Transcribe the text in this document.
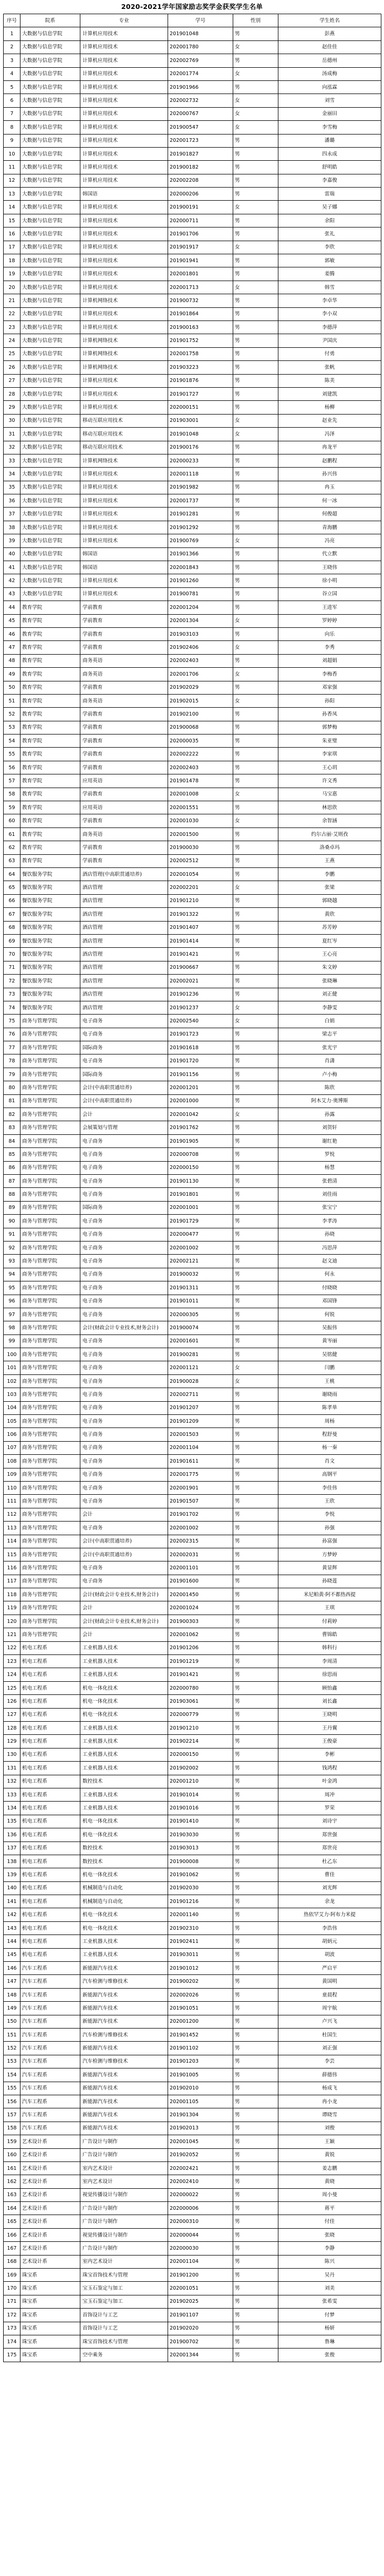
2020-2021学年国家励志奖学金获奖学生名单
序号	院系	专业	学号	性别	学生姓名
1	大数据与信息学院	计算机应用技术	201901048	男	彭燕
2	大数据与信息学院	计算机应用技术	202001780	女	赵佳佳
3	大数据与信息学院	计算机应用技术	202002769	男	岳德州
4	大数据与信息学院	计算机应用技术	202001774	女	汤成梅
5	大数据与信息学院	计算机应用技术	201901966	男	向泓霖
6	大数据与信息学院	计算机应用技术	202002732	女	刘雪
7	大数据与信息学院	计算机应用技术	202000767	女	金丽田
8	大数据与信息学院	计算机应用技术	201900547	女	李雪梅
9	大数据与信息学院	计算机应用技术	202001723	男	潘璐
10	大数据与信息学院	计算机应用技术	201901827	男	四永成
11	大数据与信息学院	计算机应用技术	201900182	男	舒明皓
12	大数据与信息学院	计算机应用技术	202002208	男	李嘉俊
13	大数据与信息学院	韩国语	202000206	男	雷瑞
14	大数据与信息学院	计算机应用技术	201900191	女	吴子娜
15	大数据与信息学院	计算机应用技术	202000711	男	余阳
16	大数据与信息学院	计算机应用技术	201901706	男	张礼
17	大数据与信息学院	计算机应用技术	201901917	女	李欣
18	大数据与信息学院	计算机应用技术	201901941	男	郭敏
19	大数据与信息学院	计算机应用技术	202001801	男	姜腾
20	大数据与信息学院	计算机应用技术	202001713	女	韩雪
21	大数据与信息学院	计算机网络技术	201900732	男	李卓华
22	大数据与信息学院	计算机应用技术	201901864	男	李小双
23	大数据与信息学院	计算机应用技术	201900163	男	李德萍
24	大数据与信息学院	计算机网络技术	201901752	男	尹国庆
25	大数据与信息学院	计算机网络技术	202001758	男	付勇
26	大数据与信息学院	计算机网络技术	201903223	男	张帆
27	大数据与信息学院	计算机应用技术	201901876	男	陈美
28	大数据与信息学院	计算机应用技术	201901727	男	刘建凯
29	大数据与信息学院	计算机应用技术	202000151	男	杨柳
30	大数据与信息学院	移动互联应用技术	201903001	女	赵业先
31	大数据与信息学院	移动互联应用技术	201901048	女	冯泽
32	大数据与信息学院	移动互联应用技术	201900176	男	冉龙平
33	大数据与信息学院	计算机网络技术	202000233	男	赵鹏程
34	大数据与信息学院	计算机应用技术	202001118	男	孙兴伟
35	大数据与信息学院	计算机应用技术	201901982	男	冉玉
36	大数据与信息学院	计算机应用技术	202001737	男	何一冰
37	大数据与信息学院	计算机应用技术	201901281	男	何俊超
38	大数据与信息学院	计算机应用技术	201901292	男	青海鹏
39	大数据与信息学院	计算机应用技术	201900769	女	冯亮
40	大数据与信息学院	韩国语	201901366	男	代立默
41	大数据与信息学院	韩国语	202001843	男	王晓伟
42	大数据与信息学院	计算机应用技术	201901260	男	徐小明
43	大数据与信息学院	计算机应用技术	201900781	男	谷立国
44	教育学院	学前教育	202001204	男	王进军
45	教育学院	学前教育	202001304	女	罗婷婷
46	教育学院	学前教育	201903103	男	向乐
47	教育学院	学前教育	201902406	女	李秀
48	教育学院	商务英语	202002403	男	刘超娟
49	教育学院	商务英语	202001706	女	李梅香
50	教育学院	学前教育	201902029	男	邓家强
51	教育学院	商务英语	201902015	女	孙阳
52	教育学院	学前教育	201902100	男	孙香凤
53	教育学院	学前教育	201900068	男	郭梦梅
54	教育学院	学前教育	202000035	男	朱亚璧
55	教育学院	学前教育	202002222	男	李家琪
56	教育学院	学前教育	202002403	男	王心玥
57	教育学院	应用英语	201901478	男	许文秀
58	教育学院	学前教育	202001008	女	马宝惠
59	教育学院	应用英语	202001551	男	林思欣
60	教育学院	学前教育	202001030	女	余智涵
61	教育学院	商务英语	202001500	男	约尔古丽·艾则孜
62	教育学院	学前教育	201900030	男	洛桑卓玛
63	教育学院	学前教育	202002512	男	王燕
64	餐饮服务学院	酒店管理(中高职贯通培养)	202001054	男	李鹏
65	餐饮服务学院	酒店管理	202002201	女	张梁
66	餐饮服务学院	酒店管理	201901210	男	郭晓越
67	餐饮服务学院	酒店管理	201901322	男	黄欣
68	餐饮服务学院	酒店管理	201901407	男	苏芳婷
69	餐饮服务学院	酒店管理	201901414	男	夏红岑
70	餐饮服务学院	酒店管理	201901421	男	王心亮
71	餐饮服务学院	酒店管理	201900667	男	朱文婷
72	餐饮服务学院	酒店管理	202002021	男	张晓琳
73	餐饮服务学院	酒店管理	201901236	男	刘正健
74	餐饮服务学院	酒店管理	201901237	女	李静雯
75	商务与管理学院	电子商务	202002540	女	白娟
76	商务与管理学院	电子商务	201901723	男	梁志平
77	商务与管理学院	国际商务	201901618	男	张光宇
78	商务与管理学院	电子商务	201901720	男	肖潇
79	商务与管理学院	国际商务	201901156	男	卢小梅
80	商务与管理学院	会计(中高职贯通培养)	202001201	男	陈欣
81	商务与管理学院	会计(中高职贯通培养)	202001000	男	阿木艾力·奥博斯
82	商务与管理学院	会计	202001042	女	孙露
83	商务与管理学院	会展策划与管理	201901762	男	刘贺轩
84	商务与管理学院	电子商务	201901905	男	谢红艳
85	商务与管理学院	电子商务	202000708	男	罗悦
86	商务与管理学院	电子商务	202000150	男	杨慧
87	商务与管理学院	电子商务	201901130	男	张碧清
88	商务与管理学院	电子商务	201901801	男	刘佳雨
89	商务与管理学院	国际商务	202001001	男	张宝宁
90	商务与管理学院	电子商务	201901729	男	李孝涛
91	商务与管理学院	电子商务	202000477	男	孙晓
92	商务与管理学院	电子商务	202001002	男	冯思萍
93	商务与管理学院	电子商务	202002121	男	赵文迪
94	商务与管理学院	电子商务	201900032	男	何永
95	商务与管理学院	电子商务	201901311	男	付晓晓
96	商务与管理学院	电子商务	201901011	男	邓国锋
97	商务与管理学院	电子商务	202000305	男	何锐
98	商务与管理学院	会计(财政会计专业技术,财务会计)	201900074	男	吴振伟
99	商务与管理学院	电子商务	202001601	男	黄岑丽
100	商务与管理学院	电子商务	201900281	男	吴铭健
101	商务与管理学院	电子商务	202001121	女	闫鹏
102	商务与管理学院	电子商务	201900028	女	王桃
103	商务与管理学院	电子商务	202002711	男	谢晓雨
104	商务与管理学院	电子商务	201901207	男	陈孝单
105	商务与管理学院	电子商务	201901209	男	周杨
106	商务与管理学院	电子商务	202001503	男	程舒曼
107	商务与管理学院	电子商务	202001104	男	杨一秦
108	商务与管理学院	电子商务	201901611	男	肖文
109	商务与管理学院	电子商务	202001775	男	高钢平
110	商务与管理学院	电子商务	202001901	男	李佳伟
111	商务与管理学院	电子商务	201901507	男	王欣
112	商务与管理学院	会计	201901702	男	李悦
113	商务与管理学院	电子商务	202001002	男	孙强
114	商务与管理学院	会计(中高职贯通培养)	202002315	男	孙富强
115	商务与管理学院	会计(中高职贯通培养)	202002031	男	方梦婷
116	商务与管理学院	电子商务	202001101	男	黄显辉
117	商务与管理学院	电子商务	201901600	男	孙晓莲
118	商务与管理学院	会计(财政会计专业技术,财务会计)	202001450	男	米尼帕黄·阿不都热西提
119	商务与管理学院	会计	202001024	男	王琪
120	商务与管理学院	会计(财政会计专业技术,财务会计)	201900303	男	付莉婷
121	商务与管理学院	会计	202001062	男	曹锦皓
122	机电工程系	工业机器人技术	201901206	男	韩科行
123	机电工程系	工业机器人技术	201901219	男	李周清
124	机电工程系	工业机器人技术	201901421	男	徐思雨
125	机电工程系	机电一体化技术	202000780	男	顾怡鑫
126	机电工程系	机电一体化技术	201903061	男	刘长鑫
127	机电工程系	机电一体化技术	202000779	男	王晓明
128	机电工程系	工业机器人技术	201901210	男	王丹翼
129	机电工程系	工业机器人技术	201902214	男	王俊豪
130	机电工程系	工业机器人技术	202000150	男	李彬
131	机电工程系	工业机器人技术	201902002	男	钱鸿程
132	机电工程系	数控技术	202001210	男	叶金鸿
133	机电工程系	工业机器人技术	201901014	男	周冲
134	机电工程系	工业机器人技术	201901016	男	罗荣
135	机电工程系	机电一体化技术	201901410	男	刘诗宇
136	机电工程系	机电一体化技术	201903030	男	郑世强
137	机电工程系	数控技术	201903013	男	郑世亮
138	机电工程系	数控技术	201900008	男	杜乙东
139	机电工程系	机电一体化技术	201901062	男	曹佳
140	机电工程系	机械制造与自动化	201902030	男	刘光辉
141	机电工程系	机械制造与自动化	201901216	男	余龙
142	机电工程系	机电一体化技术	202001140	男	热依罕艾力·阿布力米提
143	机电工程系	机电一体化技术	201902310	男	李浩伟
144	机电工程系	工业机器人技术	201902411	男	胡炳元
145	机电工程系	工业机器人技术	201903011	男	胡波
146	汽车工程系	新能源汽车技术	201901012	男	严启平
147	汽车工程系	汽车检测与维修技术	201900202	男	黄国明
148	汽车工程系	新能源汽车技术	202002026	男	童晨程
149	汽车工程系	新能源汽车技术	201901051	男	周宇航
150	汽车工程系	新能源汽车技术	202001200	男	卢兴飞
151	汽车工程系	汽车检测与维修技术	201901452	男	杜国生
152	汽车工程系	新能源汽车技术	201901102	男	刘正强
153	汽车工程系	汽车检测与维修技术	201901203	男	李芸
154	汽车工程系	新能源汽车技术	201901005	男	薛德伟
155	汽车工程系	新能源汽车技术	201902010	男	杨成飞
156	汽车工程系	新能源汽车技术	202001105	男	冉小龙
157	汽车工程系	新能源汽车技术	201901304	男	谭晓雪
158	汽车工程系	新能源汽车技术	201902013	男	刘俊
159	艺术设计系	广告设计与制作	202001045	男	王颖
160	艺术设计系	广告设计与制作	201902052	男	黄锐
161	艺术设计系	室内艺术设计	202002421	男	姜志鹏
162	艺术设计系	室内艺术设计	202002410	男	黄晓
163	艺术设计系	视觉传播设计与制作	202000022	男	周小曼
164	艺术设计系	广告设计与制作	202000006	男	蒋平
165	艺术设计系	广告设计与制作	202000310	男	付佳
166	艺术设计系	视觉传播设计与制作	202000044	男	张晓
167	艺术设计系	广告设计与制作	202000030	男	李静
168	艺术设计系	室内艺术设计	202001104	男	陈兴
169	珠宝系	珠宝首饰技术与管理	201901200	男	吴丹
170	珠宝系	宝玉石鉴定与加工	202001051	男	刘美
171	珠宝系	宝玉石鉴定与加工	201902025	男	张希雯
172	珠宝系	首饰设计与工艺	201901107	男	付梦
173	珠宝系	首饰设计与工艺	201902020	男	杨妍
174	珠宝系	珠宝首饰技术与管理	201900702	男	鲁琳
175	珠宝系	空中乘务	202001344	男	张俊
